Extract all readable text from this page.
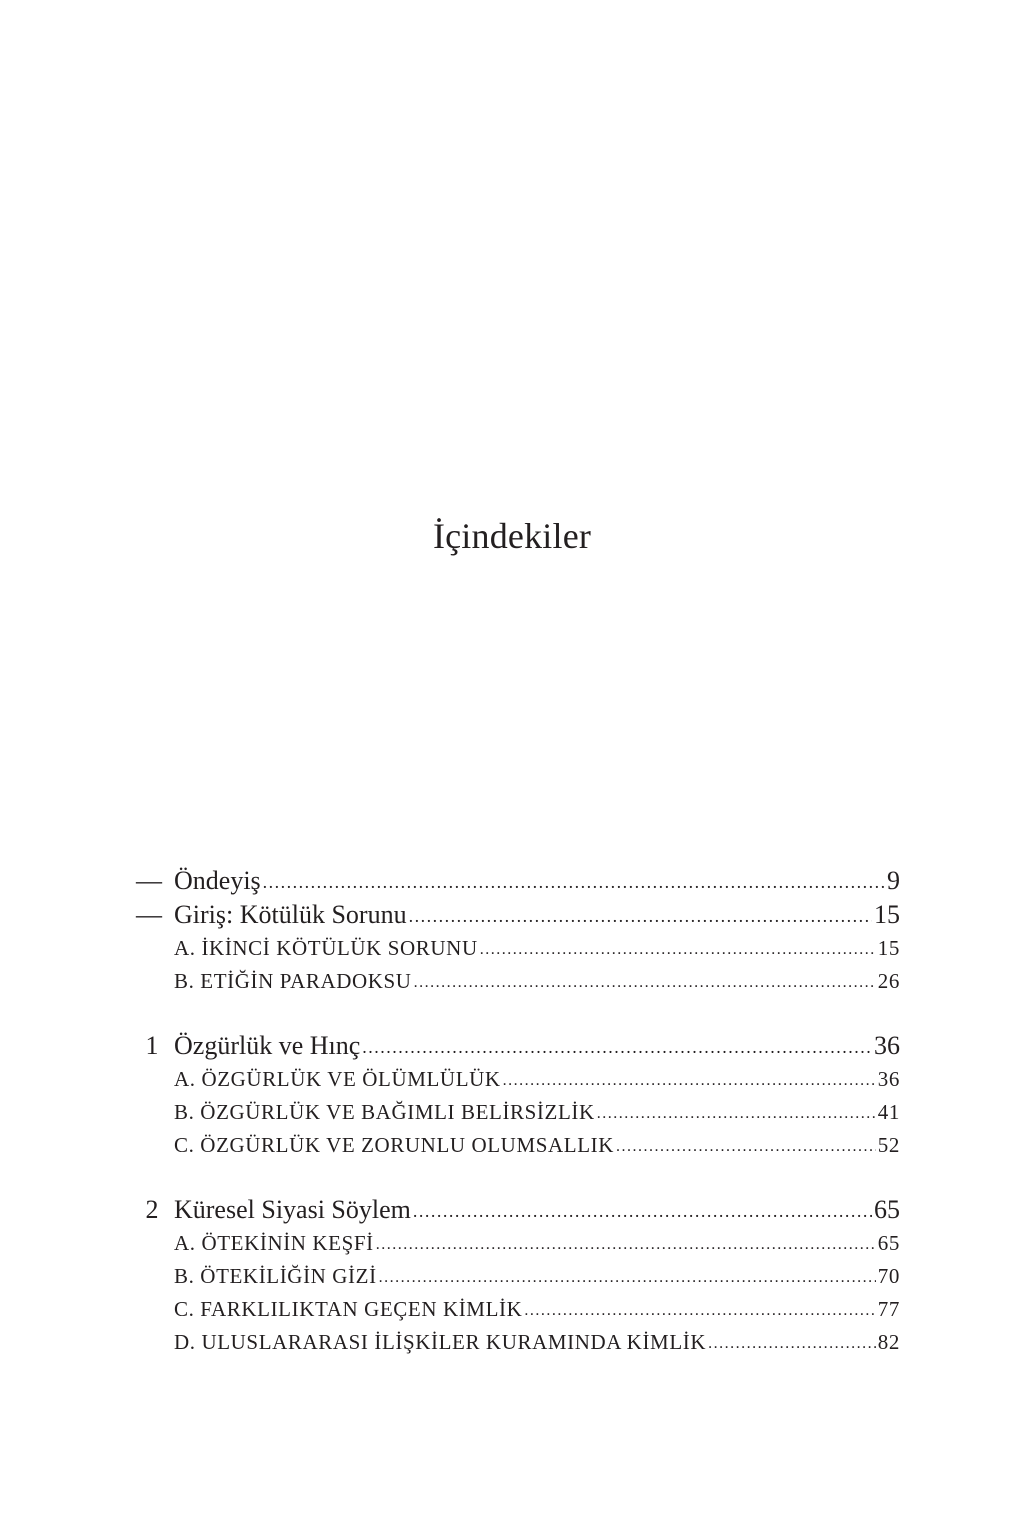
İçindekiler
— Öndeyiş .....	9
— Giriş: Kötülük Sorunu .....	15
A. İKİNCİ KÖTÜLÜK SORUNU .....	15
B. ETİĞİN PARADOKSU .....	26
1 Özgürlük ve Hınç .....	36
A. ÖZGÜRLÜK VE ÖLÜMLÜLÜK .....	36
B. ÖZGÜRLÜK VE BAĞIMLI BELİRSİZLİK .....	41
C. ÖZGÜRLÜK VE ZORUNLU OLUMSALLIK .....	52
2 Küresel Siyasi Söylem .....	65
A. ÖTEKİNİN KEŞFİ .....	65
B. ÖTEKİLİĞİN GİZİ .....	70
C. FARKLILIKTAN GEÇEN KİMLİK .....	77
D. ULUSLARARASI İLİŞKİLER KURAMINDA KİMLİK .....	82
